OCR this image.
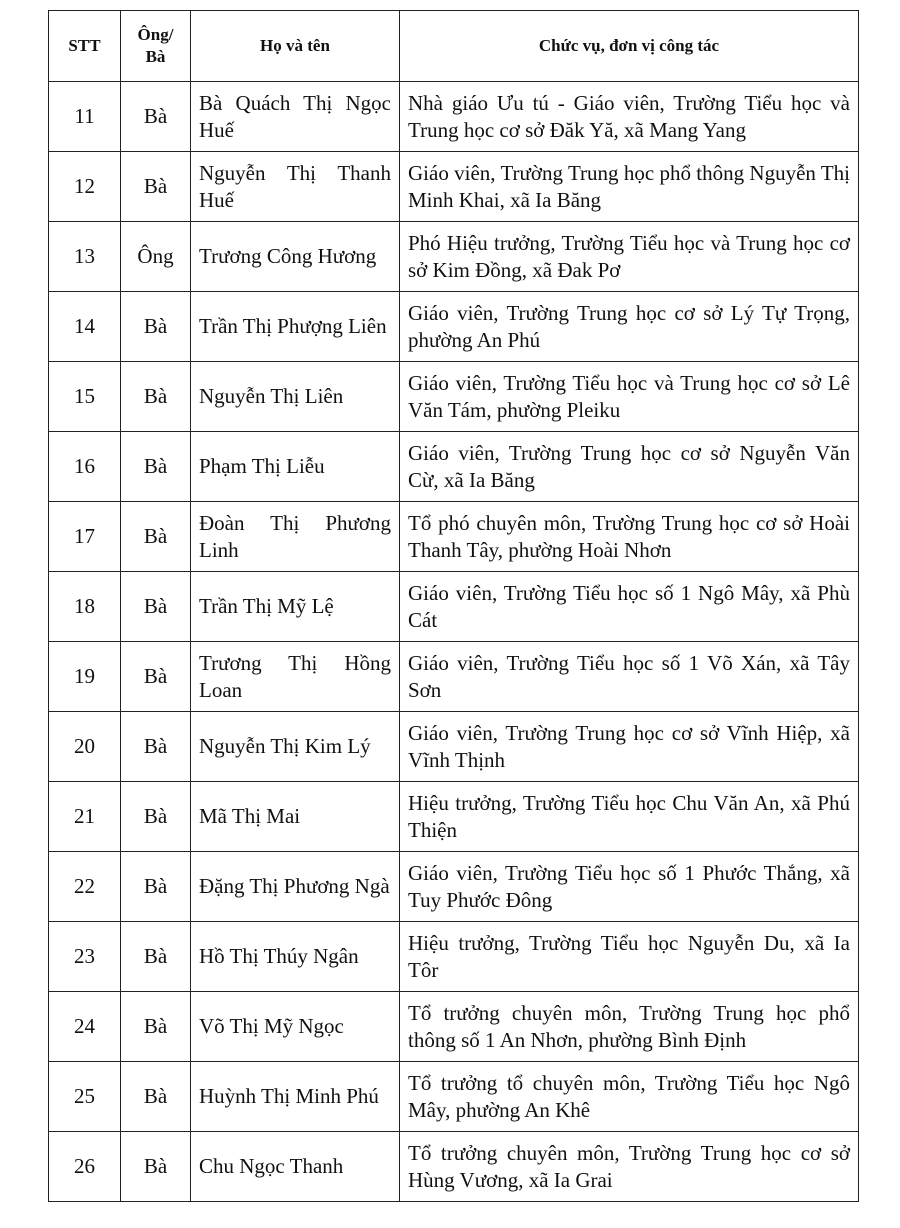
STT	Ông/ Bà	Họ và tên	Chức vụ, đơn vị công tác
11	Bà	Bà Quách Thị Ngọc Huế	Nhà giáo Ưu tú - Giáo viên, Trường Tiểu học và Trung học cơ sở Đăk Yă, xã Mang Yang
12	Bà	Nguyễn Thị Thanh Huế	Giáo viên, Trường Trung học phổ thông Nguyễn Thị Minh Khai, xã Ia Băng
13	Ông	Trương Công Hương	Phó Hiệu trưởng, Trường Tiểu học và Trung học cơ sở Kim Đồng, xã Đak Pơ
14	Bà	Trần Thị Phượng Liên	Giáo viên, Trường Trung học cơ sở Lý Tự Trọng, phường An Phú
15	Bà	Nguyễn Thị Liên	Giáo viên, Trường Tiểu học và Trung học cơ sở Lê Văn Tám, phường Pleiku
16	Bà	Phạm Thị Liễu	Giáo viên, Trường Trung học cơ sở Nguyễn Văn Cừ, xã Ia Băng
17	Bà	Đoàn Thị Phương Linh	Tổ phó chuyên môn, Trường Trung học cơ sở Hoài Thanh Tây, phường Hoài Nhơn
18	Bà	Trần Thị Mỹ Lệ	Giáo viên, Trường Tiểu học số 1 Ngô Mây, xã Phù Cát
19	Bà	Trương Thị Hồng Loan	Giáo viên, Trường Tiểu học số 1 Võ Xán, xã Tây Sơn
20	Bà	Nguyễn Thị Kim Lý	Giáo viên, Trường Trung học cơ sở Vĩnh Hiệp, xã Vĩnh Thịnh
21	Bà	Mã Thị Mai	Hiệu trưởng, Trường Tiểu học Chu Văn An, xã Phú Thiện
22	Bà	Đặng Thị Phương Ngà	Giáo viên, Trường Tiểu học số 1 Phước Thắng, xã Tuy Phước Đông
23	Bà	Hồ Thị Thúy Ngân	Hiệu trưởng, Trường Tiểu học Nguyễn Du, xã Ia Tôr
24	Bà	Võ Thị Mỹ Ngọc	Tổ trưởng chuyên môn, Trường Trung học phổ thông số 1 An Nhơn, phường Bình Định
25	Bà	Huỳnh Thị Minh Phú	Tổ trưởng tổ chuyên môn, Trường Tiểu học Ngô Mây, phường An Khê
26	Bà	Chu Ngọc Thanh	Tổ trưởng chuyên môn, Trường Trung học cơ sở Hùng Vương, xã Ia Grai
